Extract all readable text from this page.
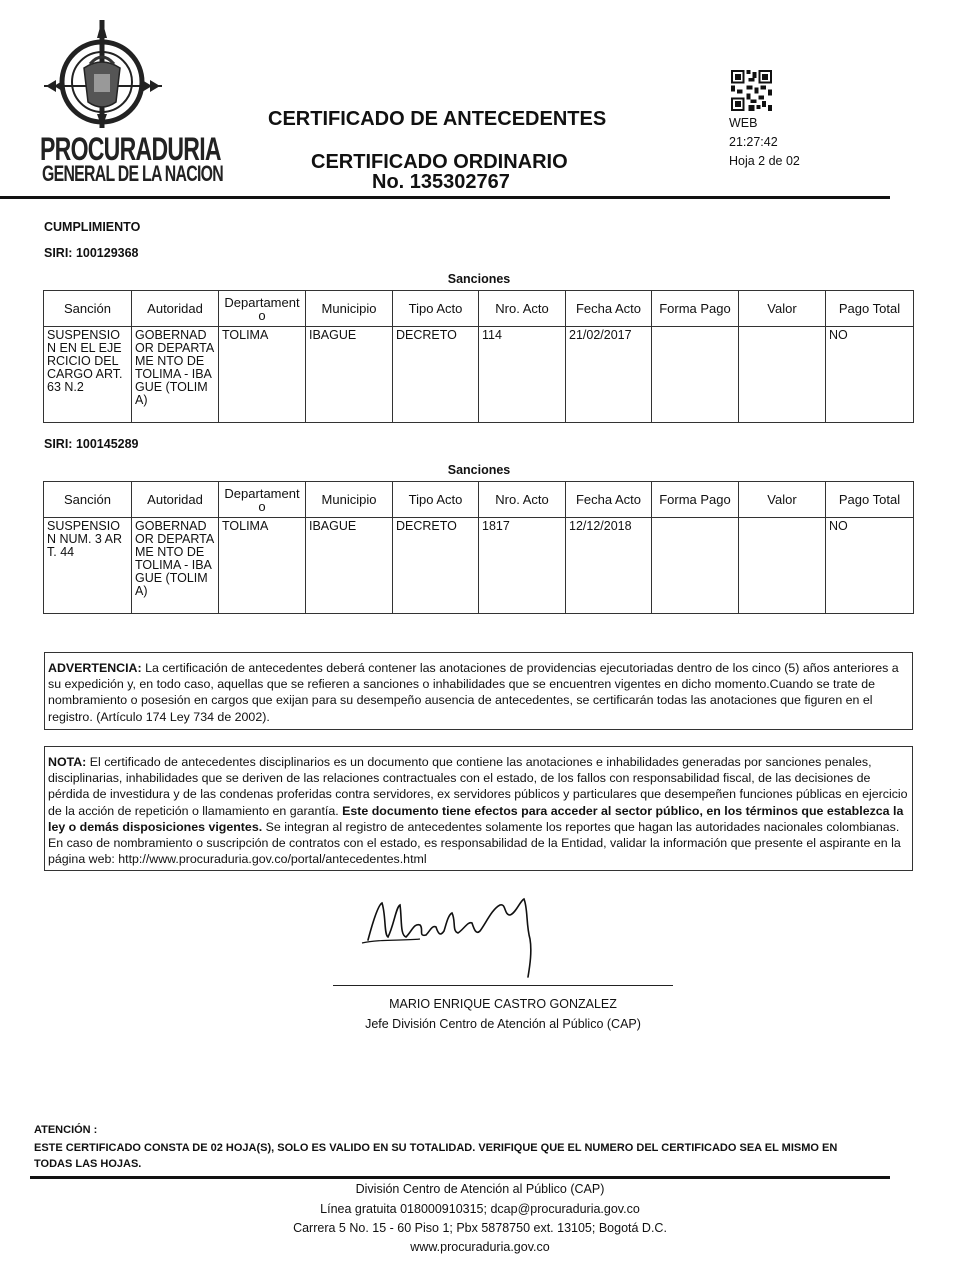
PROCURADURIA
GENERAL DE LA NACION
CERTIFICADO DE ANTECEDENTES
CERTIFICADO ORDINARIO
No. 135302767
WEB
21:27:42
Hoja 2 de 02
CUMPLIMIENTO
SIRI: 100129368
Sanciones
Sanción	Autoridad	Departament o	Municipio	Tipo Acto	Nro. Acto	Fecha Acto	Forma Pago	Valor	Pago Total
SUSPENSIO N EN EL EJERCICIO DEL CARGO ART. 63 N.2	GOBERNAD OR DEPARTAME NTO DE TOLIMA - IBAGUE (TOLIMA)	TOLIMA	IBAGUE	DECRETO	114	21/02/2017			NO
SIRI: 100145289
Sanciones
Sanción	Autoridad	Departament o	Municipio	Tipo Acto	Nro. Acto	Fecha Acto	Forma Pago	Valor	Pago Total
SUSPENSIO N NUM. 3 ART. 44	GOBERNAD OR DEPARTAME NTO DE TOLIMA - IBAGUE (TOLIMA)	TOLIMA	IBAGUE	DECRETO	1817	12/12/2018			NO
ADVERTENCIA: La certificación de antecedentes deberá contener las anotaciones de providencias ejecutoriadas dentro de los cinco (5) años anteriores a su expedición y, en todo caso, aquellas que se refieren a sanciones o inhabilidades que se encuentren vigentes en dicho momento.Cuando se trate de nombramiento o posesión en cargos que exijan para su desempeño ausencia de antecedentes, se certificarán todas las anotaciones que figuren en el registro. (Artículo 174 Ley 734 de 2002).
NOTA: El certificado de antecedentes disciplinarios es un documento que contiene las anotaciones e inhabilidades generadas por sanciones penales, disciplinarias, inhabilidades que se deriven de las relaciones contractuales con el estado, de los fallos con responsabilidad fiscal, de las decisiones de pérdida de investidura y de las condenas proferidas contra servidores, ex servidores públicos y particulares que desempeñen funciones públicas en ejercicio de la acción de repetición o llamamiento en garantía. Este documento tiene efectos para acceder al sector público, en los términos que establezca la ley o demás disposiciones vigentes. Se integran al registro de antecedentes solamente los reportes que hagan las autoridades nacionales colombianas. En caso de nombramiento o suscripción de contratos con el estado, es responsabilidad de la Entidad, validar la información que presente el aspirante en la página web: http://www.procuraduria.gov.co/portal/antecedentes.html
MARIO ENRIQUE CASTRO GONZALEZ
Jefe División Centro de Atención al Público (CAP)
ATENCIÓN :
ESTE CERTIFICADO CONSTA DE 02 HOJA(S), SOLO ES VALIDO EN SU TOTALIDAD. VERIFIQUE QUE EL NUMERO DEL CERTIFICADO SEA EL MISMO EN
TODAS LAS HOJAS.
División Centro de Atención al Público (CAP)
Línea gratuita 018000910315; dcap@procuraduria.gov.co
Carrera 5 No. 15 - 60 Piso 1; Pbx 5878750 ext. 13105; Bogotá D.C.
www.procuraduria.gov.co
